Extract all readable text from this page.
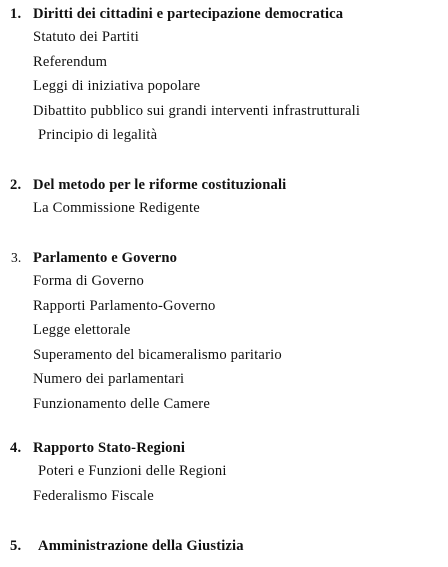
1. Diritti dei cittadini e partecipazione democratica
Statuto dei Partiti
Referendum
Leggi di iniziativa popolare
Dibattito pubblico sui grandi interventi infrastrutturali
Principio di legalità
2. Del metodo per le riforme costituzionali
La Commissione Redigente
3. Parlamento e Governo
Forma di Governo
Rapporti Parlamento-Governo
Legge elettorale
Superamento del bicameralismo paritario
Numero dei parlamentari
Funzionamento delle Camere
4. Rapporto Stato-Regioni
Poteri e Funzioni delle Regioni
Federalismo Fiscale
5. Amministrazione della Giustizia
